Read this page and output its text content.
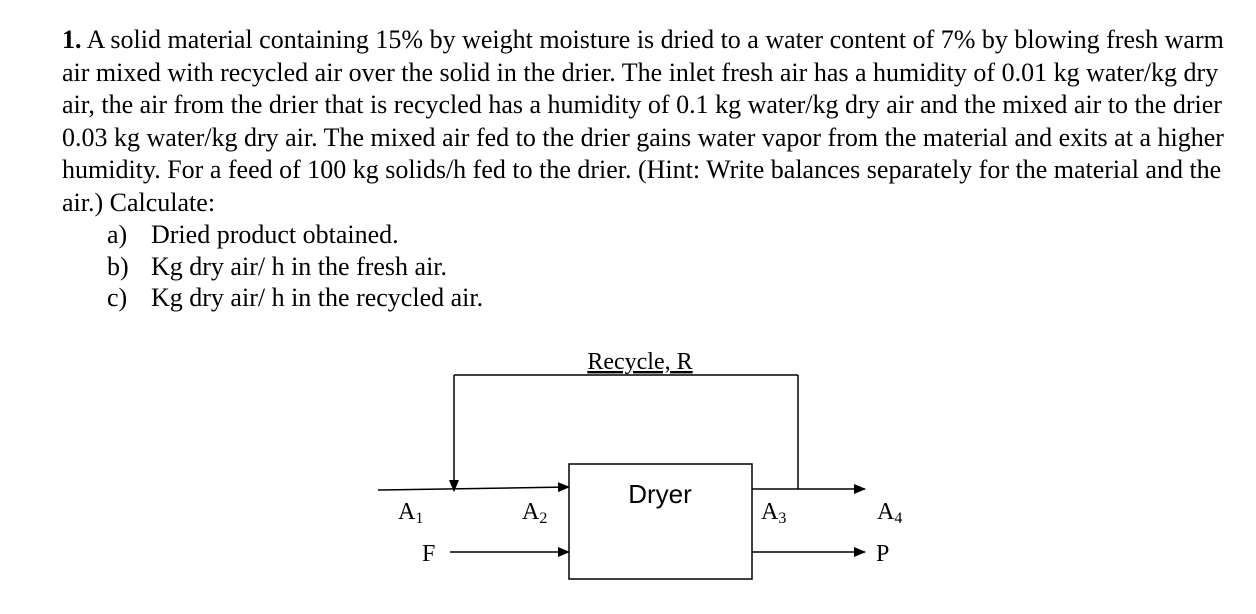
1. A solid material containing 15% by weight moisture is dried to a water content of 7% by blowing fresh warm air mixed with recycled air over the solid in the drier. The inlet fresh air has a humidity of 0.01 kg water/kg dry air, the air from the drier that is recycled has a humidity of 0.1 kg water/kg dry air and the mixed air to the drier 0.03 kg water/kg dry air. The mixed air fed to the drier gains water vapor from the material and exits at a higher humidity. For a feed of 100 kg solids/h fed to the drier. (Hint: Write balances separately for the material and the air.) Calculate:
a) Dried product obtained.
b) Kg dry air/ h in the fresh air.
c) Kg dry air/ h in the recycled air.
Recycle, R
Dryer
A1	A2	A3	A4
F	P
